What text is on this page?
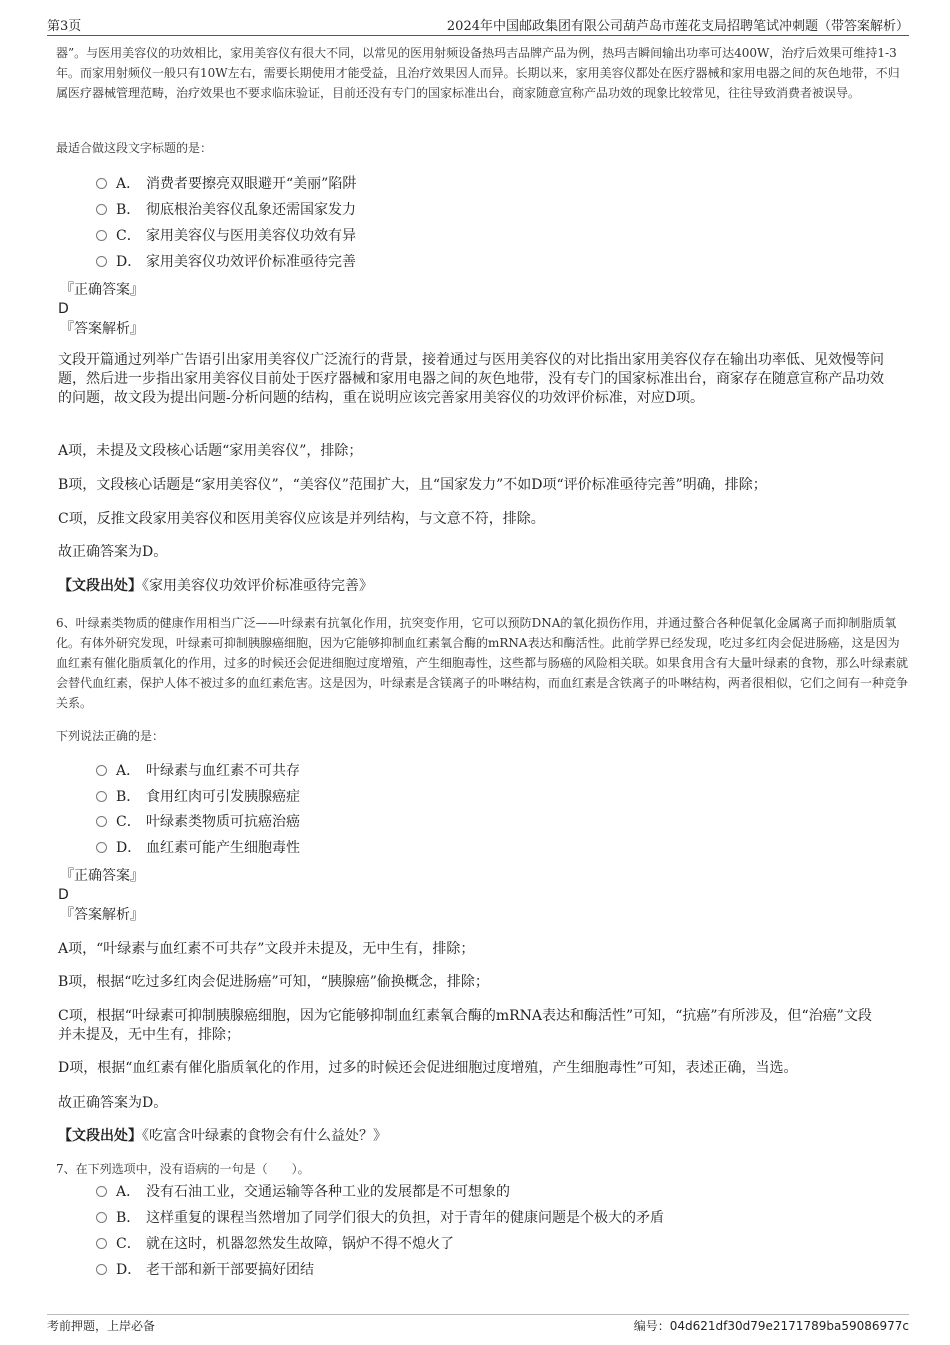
第3页	2024年中国邮政集团有限公司葫芦岛市莲花支局招聘笔试冲刺题（带答案解析）
器”。与医用美容仪的功效相比，家用美容仪有很大不同，以常见的医用射频设备热玛吉品牌产品为例，热玛吉瞬间输出功率可达400W，治疗后效果可维持1-3年。而家用射频仪一般只有10W左右，需要长期使用才能受益，且治疗效果因人而异。长期以来，家用美容仪都处在医疗器械和家用电器之间的灰色地带，不归属医疗器械管理范畴，治疗效果也不要求临床验证，目前还没有专门的国家标准出台，商家随意宣称产品功效的现象比较常见，往往导致消费者被误导。
最适合做这段文字标题的是：
A． 消费者要擦亮双眼避开“美丽”陷阱
B． 彻底根治美容仪乱象还需国家发力
C． 家用美容仪与医用美容仪功效有异
D． 家用美容仪功效评价标准亟待完善
『正确答案』
D
『答案解析』
文段开篇通过列举广告语引出家用美容仪广泛流行的背景，接着通过与医用美容仪的对比指出家用美容仪存在输出功率低、见效慢等问题，然后进一步指出家用美容仪目前处于医疗器械和家用电器之间的灰色地带，没有专门的国家标准出台，商家存在随意宣称产品功效的问题，故文段为提出问题-分析问题的结构，重在说明应该完善家用美容仪的功效评价标准，对应D项。
A项，未提及文段核心话题“家用美容仪”，排除；
B项，文段核心话题是“家用美容仪”，“美容仪”范围扩大，且“国家发力”不如D项“评价标准亟待完善”明确，排除；
C项，反推文段家用美容仪和医用美容仪应该是并列结构，与文意不符，排除。
故正确答案为D。
【文段出处】《家用美容仪功效评价标准亟待完善》
6、叶绿素类物质的健康作用相当广泛——叶绿素有抗氧化作用，抗突变作用，它可以预防DNA的氧化损伤作用，并通过螯合各种促氧化金属离子而抑制脂质氧化。有体外研究发现，叶绿素可抑制胰腺癌细胞，因为它能够抑制血红素氧合酶的mRNA表达和酶活性。此前学界已经发现，吃过多红肉会促进肠癌，这是因为血红素有催化脂质氧化的作用，过多的时候还会促进细胞过度增殖，产生细胞毒性，这些都与肠癌的风险相关联。如果食用含有大量叶绿素的食物，那么叶绿素就会替代血红素，保护人体不被过多的血红素危害。这是因为，叶绿素是含镁离子的卟啉结构，而血红素是含铁离子的卟啉结构，两者很相似，它们之间有一种竞争关系。
下列说法正确的是：
A． 叶绿素与血红素不可共存
B． 食用红肉可引发胰腺癌症
C． 叶绿素类物质可抗癌治癌
D． 血红素可能产生细胞毒性
『正确答案』
D
『答案解析』
A项，“叶绿素与血红素不可共存”文段并未提及，无中生有，排除；
B项，根据“吃过多红肉会促进肠癌”可知，“胰腺癌”偷换概念，排除；
C项，根据“叶绿素可抑制胰腺癌细胞，因为它能够抑制血红素氧合酶的mRNA表达和酶活性”可知，“抗癌”有所涉及，但“治癌”文段并未提及，无中生有，排除；
D项，根据“血红素有催化脂质氧化的作用，过多的时候还会促进细胞过度增殖，产生细胞毒性”可知，表述正确，当选。
故正确答案为D。
【文段出处】《吃富含叶绿素的食物会有什么益处？》
7、在下列选项中，没有语病的一句是（　　）。
A． 没有石油工业，交通运输等各种工业的发展都是不可想象的
B． 这样重复的课程当然增加了同学们很大的负担，对于青年的健康问题是个极大的矛盾
C． 就在这时，机器忽然发生故障，锅炉不得不熄火了
D． 老干部和新干部要搞好团结
考前押题，上岸必备	编号：04d621df30d79e2171789ba59086977c
